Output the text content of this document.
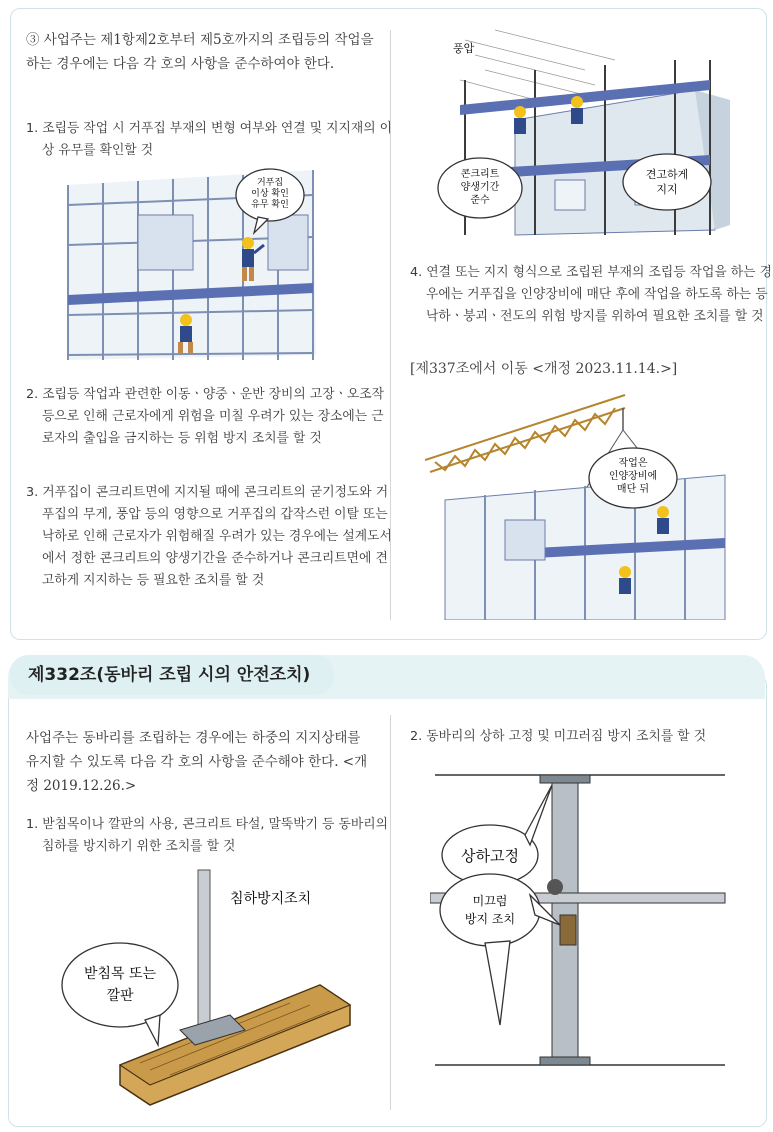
③ 사업주는 제1항제2호부터 제5호까지의 조립등의 작업을 하는 경우에는 다음 각 호의 사항을 준수하여야 한다.
1. 조립등 작업 시 거푸집 부재의 변형 여부와 연결 및 지지재의 이상 유무를 확인할 것
거푸집
이상 확인
유무 확인
2. 조립등 작업과 관련한 이동ㆍ양중ㆍ운반 장비의 고장ㆍ오조작 등으로 인해 근로자에게 위험을 미칠 우려가 있는 장소에는 근로자의 출입을 금지하는 등 위험 방지 조치를 할 것
3. 거푸집이 콘크리트면에 지지될 때에 콘크리트의 굳기정도와 거푸집의 무게, 풍압 등의 영향으로 거푸집의 갑작스런 이탈 또는 낙하로 인해 근로자가 위험해질 우려가 있는 경우에는 설계도서에서 정한 콘크리트의 양생기간을 준수하거나 콘크리트면에 견고하게 지지하는 등 필요한 조치를 할 것
풍압
콘크리트
양생기간
준수
견고하게
지지
4. 연결 또는 지지 형식으로 조립된 부재의 조립등 작업을 하는 경우에는 거푸집을 인양장비에 매단 후에 작업을 하도록 하는 등 낙하ㆍ붕괴ㆍ전도의 위험 방지를 위하여 필요한 조치를 할 것
[제337조에서 이동 <개정 2023.11.14.>]
작업은
인양장비에
매단 뒤
제332조(동바리 조립 시의 안전조치)
사업주는 동바리를 조립하는 경우에는 하중의 지지상태를 유지할 수 있도록 다음 각 호의 사항을 준수해야 한다. <개정 2019.12.26.>
1. 받침목이나 깔판의 사용, 콘크리트 타설, 말뚝박기 등 동바리의 침하를 방지하기 위한 조치를 할 것
2. 동바리의 상하 고정 및 미끄러짐 방지 조치를 할 것
침하방지조치
받침목 또는
깔판
상하고정
미끄럼
방지 조치
